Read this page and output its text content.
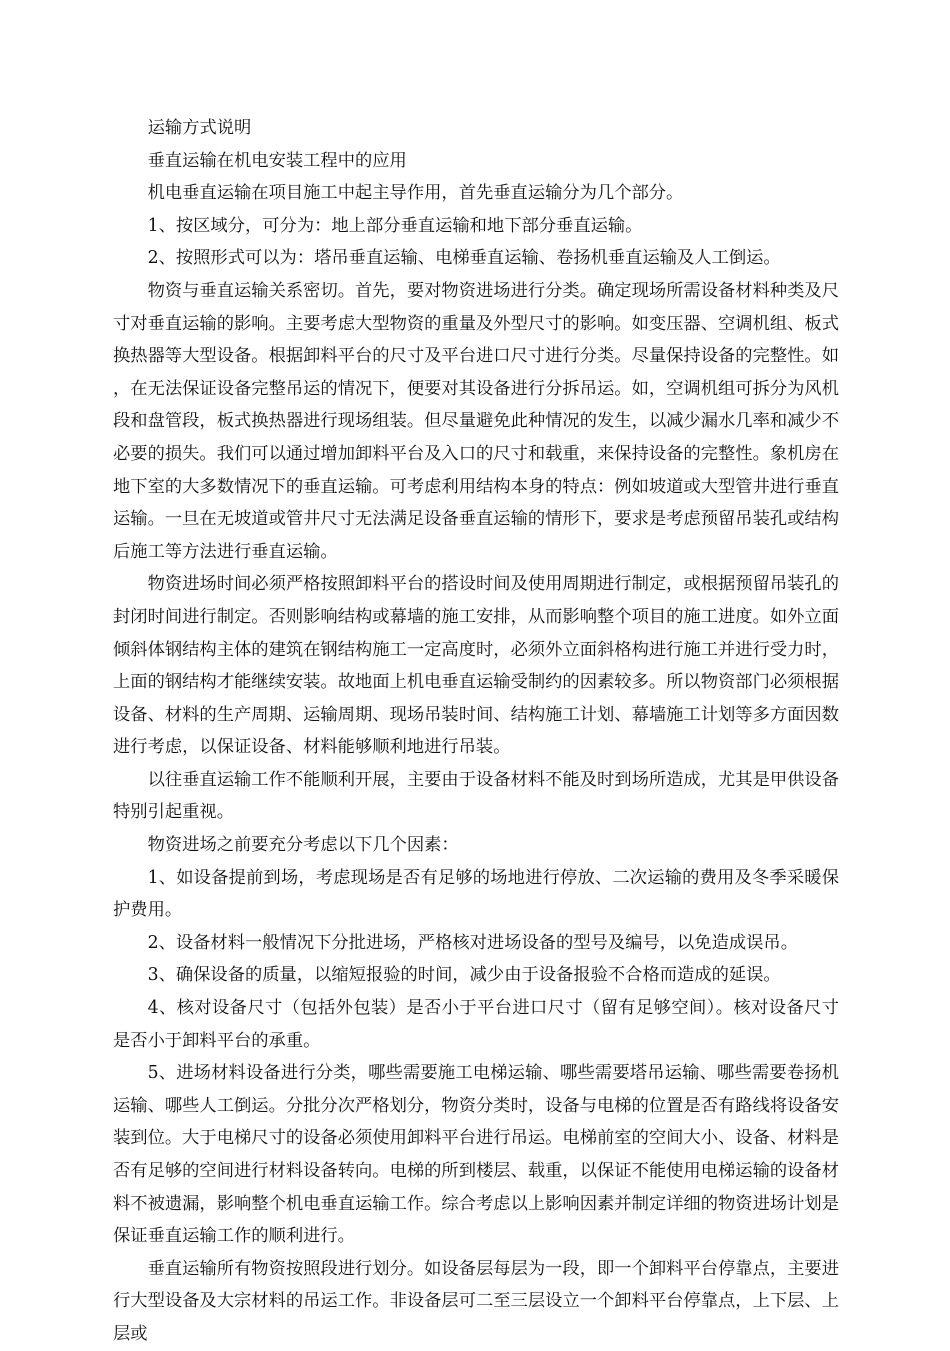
运输方式说明

垂直运输在机电安装工程中的应用

机电垂直运输在项目施工中起主导作用，首先垂直运输分为几个部分。

1、按区域分，可分为：地上部分垂直运输和地下部分垂直运输。

2、按照形式可以为：塔吊垂直运输、电梯垂直运输、卷扬机垂直运输及人工倒运。

物资与垂直运输关系密切。首先，要对物资进场进行分类。确定现场所需设备材料种类及尺寸对垂直运输的影响。主要考虑大型物资的重量及外型尺寸的影响。如变压器、空调机组、板式换热器等大型设备。根据卸料平台的尺寸及平台进口尺寸进行分类。尽量保持设备的完整性。如，在无法保证设备完整吊运的情况下，便要对其设备进行分拆吊运。如，空调机组可拆分为风机段和盘管段，板式换热器进行现场组装。但尽量避免此种情况的发生，以减少漏水几率和减少不必要的损失。我们可以通过增加卸料平台及入口的尺寸和载重，来保持设备的完整性。象机房在地下室的大多数情况下的垂直运输。可考虑利用结构本身的特点：例如坡道或大型管井进行垂直运输。一旦在无坡道或管井尺寸无法满足设备垂直运输的情形下，要求是考虑预留吊装孔或结构后施工等方法进行垂直运输。

物资进场时间必须严格按照卸料平台的搭设时间及使用周期进行制定，或根据预留吊装孔的封闭时间进行制定。否则影响结构或幕墙的施工安排，从而影响整个项目的施工进度。如外立面倾斜体钢结构主体的建筑在钢结构施工一定高度时，必须外立面斜格构进行施工并进行受力时，上面的钢结构才能继续安装。故地面上机电垂直运输受制约的因素较多。所以物资部门必须根据设备、材料的生产周期、运输周期、现场吊装时间、结构施工计划、幕墙施工计划等多方面因数进行考虑，以保证设备、材料能够顺利地进行吊装。

以往垂直运输工作不能顺利开展，主要由于设备材料不能及时到场所造成，尤其是甲供设备特别引起重视。

物资进场之前要充分考虑以下几个因素：

1、如设备提前到场，考虑现场是否有足够的场地进行停放、二次运输的费用及冬季采暖保护费用。

2、设备材料一般情况下分批进场，严格核对进场设备的型号及编号，以免造成误吊。

3、确保设备的质量，以缩短报验的时间，减少由于设备报验不合格而造成的延误。

4、核对设备尺寸（包括外包装）是否小于平台进口尺寸（留有足够空间）。核对设备尺寸是否小于卸料平台的承重。

5、进场材料设备进行分类，哪些需要施工电梯运输、哪些需要塔吊运输、哪些需要卷扬机运输、哪些人工倒运。分批分次严格划分，物资分类时，设备与电梯的位置是否有路线将设备安装到位。大于电梯尺寸的设备必须使用卸料平台进行吊运。电梯前室的空间大小、设备、材料是否有足够的空间进行材料设备转向。电梯的所到楼层、载重，以保证不能使用电梯运输的设备材料不被遗漏，影响整个机电垂直运输工作。综合考虑以上影响因素并制定详细的物资进场计划是保证垂直运输工作的顺利进行。

垂直运输所有物资按照段进行划分。如设备层每层为一段，即一个卸料平台停靠点，主要进行大型设备及大宗材料的吊运工作。非设备层可二至三层设立一个卸料平台停靠点，上下层、上层或
